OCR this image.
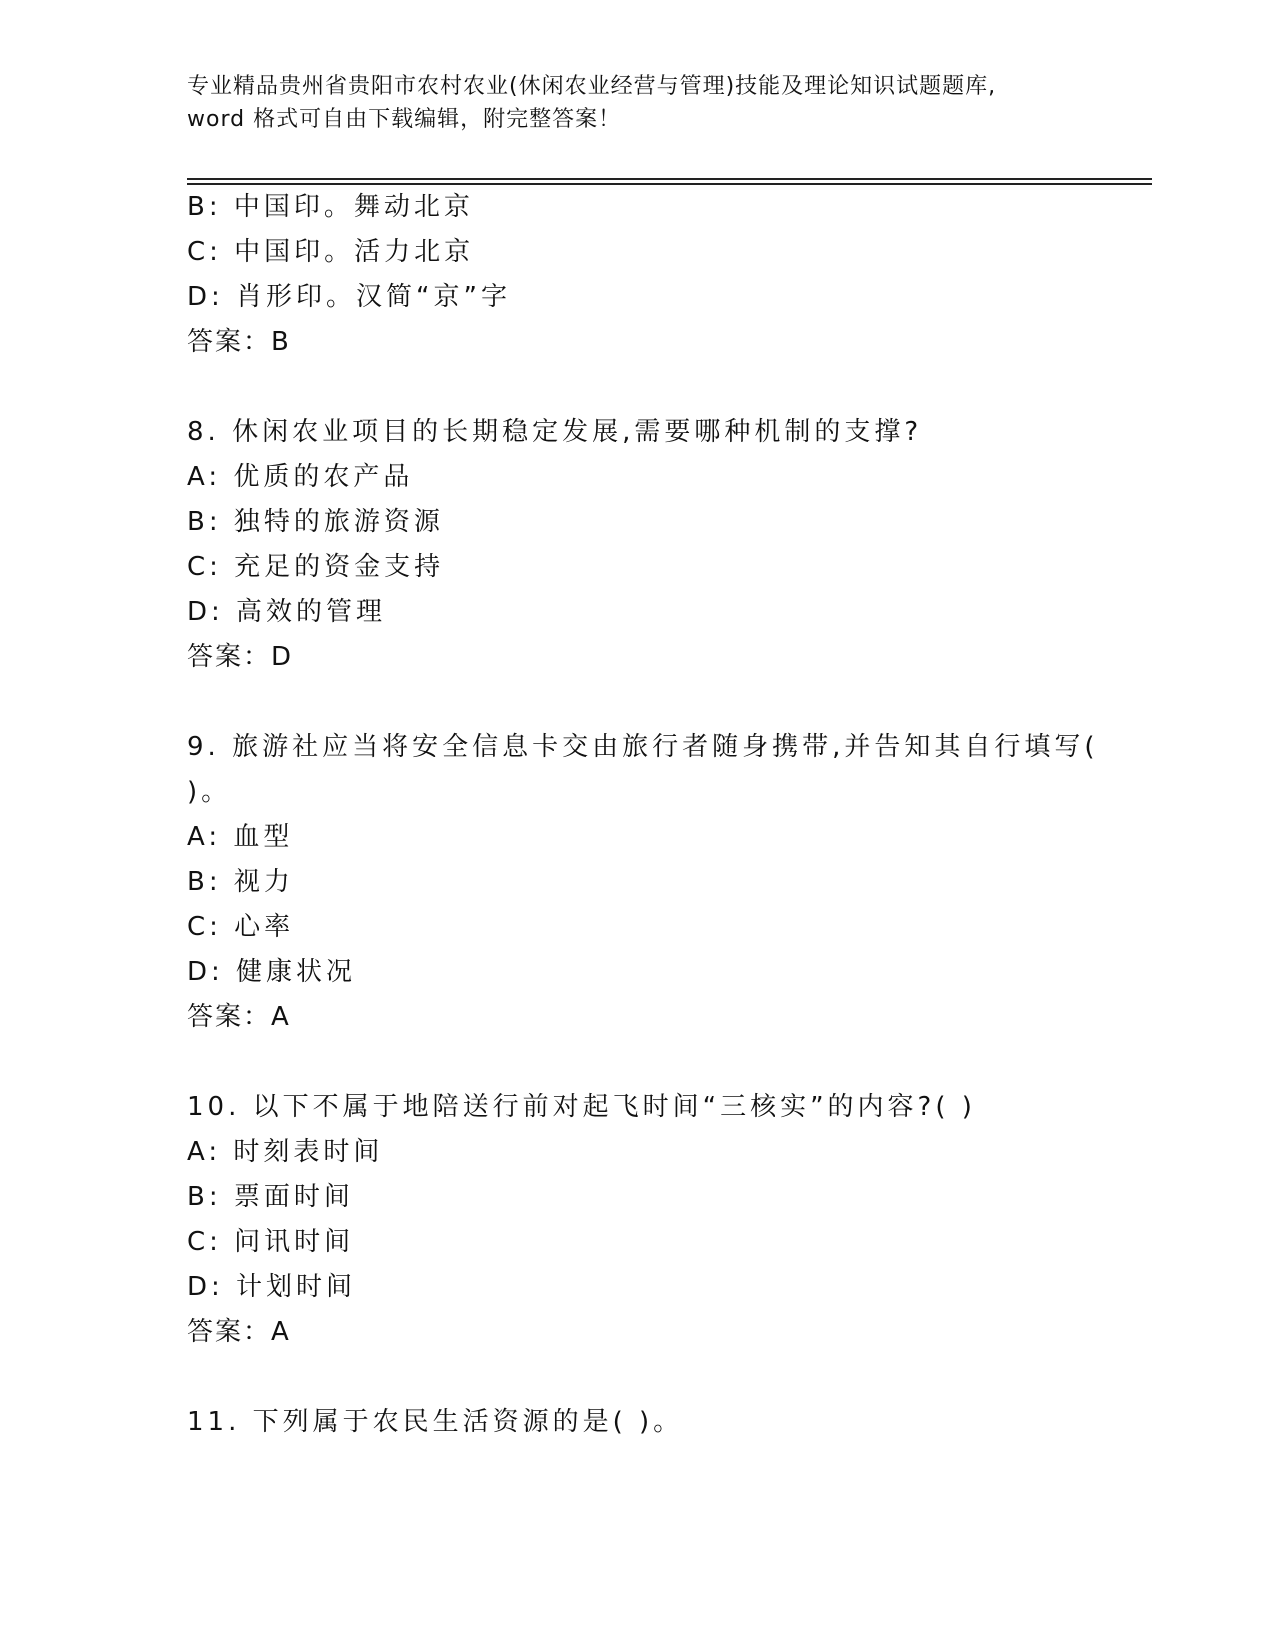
专业精品贵州省贵阳市农村农业(休闲农业经营与管理)技能及理论知识试题题库,
word 格式可自由下载编辑，附完整答案！
B: 中国印。舞动北京
C: 中国印。活力北京
D: 肖形印。汉简“京”字
答案：B
8. 休闲农业项目的长期稳定发展,需要哪种机制的支撑?
A: 优质的农产品
B: 独特的旅游资源
C: 充足的资金支持
D: 高效的管理
答案：D
9. 旅游社应当将安全信息卡交由旅行者随身携带,并告知其自行填写(
)。
A: 血型
B: 视力
C: 心率
D: 健康状况
答案：A
10. 以下不属于地陪送行前对起飞时间“三核实”的内容?( )
A: 时刻表时间
B: 票面时间
C: 问讯时间
D: 计划时间
答案：A
11. 下列属于农民生活资源的是( )。
